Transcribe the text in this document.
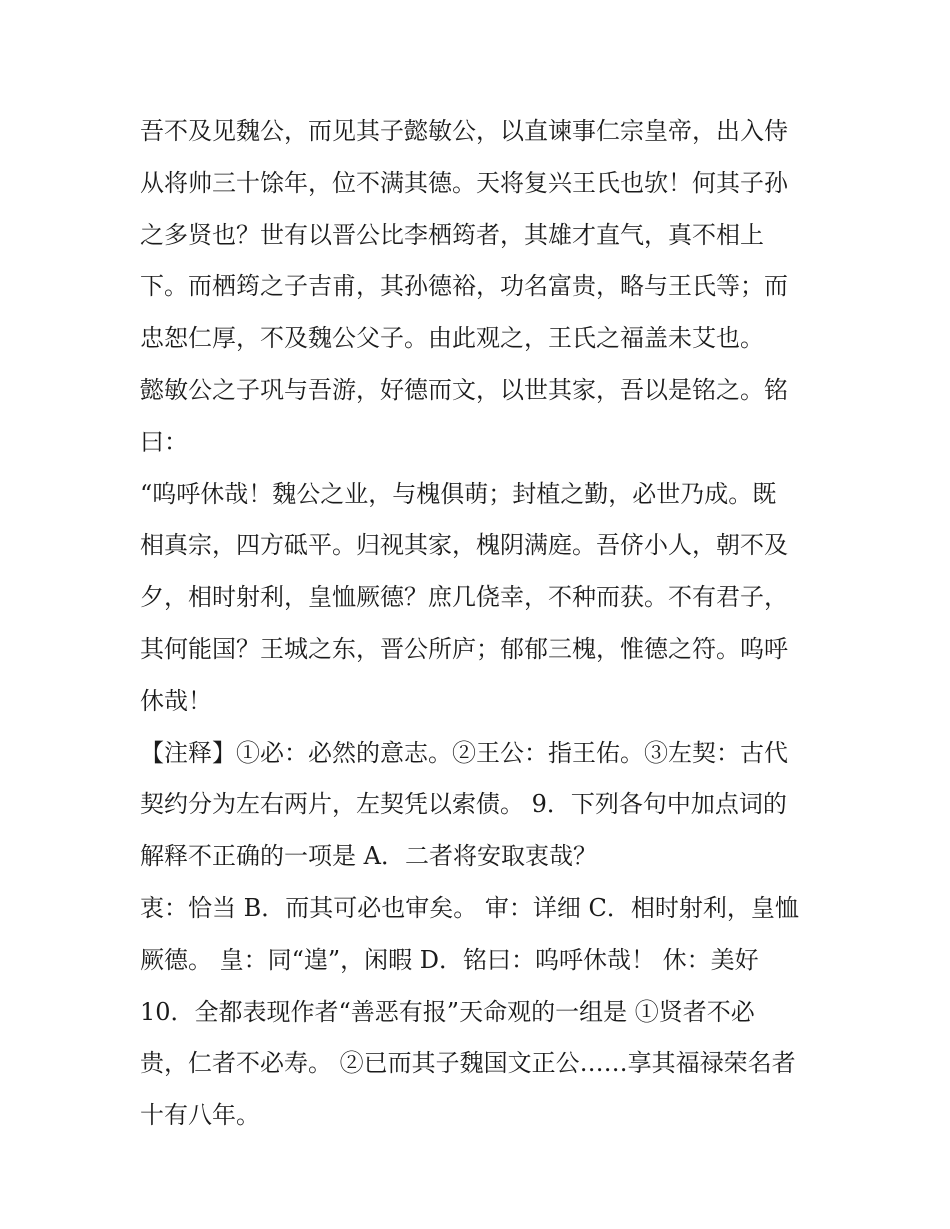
吾不及见魏公，而见其子懿敏公，以直谏事仁宗皇帝，出入侍
从将帅三十馀年，位不满其德。天将复兴王氏也欤！何其子孙
之多贤也？世有以晋公比李栖筠者，其雄才直气，真不相上
下。而栖筠之子吉甫，其孙德裕，功名富贵，略与王氏等；而
忠恕仁厚，不及魏公父子。由此观之，王氏之福盖未艾也。
懿敏公之子巩与吾游，好德而文，以世其家，吾以是铭之。铭
曰：
“呜呼休哉！魏公之业，与槐俱萌；封植之勤，必世乃成。既
相真宗，四方砥平。归视其家，槐阴满庭。吾侪小人，朝不及
夕，相时射利，皇恤厥德？庶几侥幸，不种而获。不有君子，
其何能国？王城之东，晋公所庐；郁郁三槐，惟德之符。呜呼
休哉！
【注释】①必：必然的意志。②王公：指王佑。③左契：古代
契约分为左右两片，左契凭以索债。 9．下列各句中加点词的
解释不正确的一项是 A．二者将安取衷哉？
衷：恰当 B．而其可必也审矣。 审：详细 C．相时射利，皇恤
厥德。 皇：同“遑”，闲暇 D．铭曰：呜呼休哉！ 休：美好
10．全都表现作者“善恶有报”天命观的一组是 ①贤者不必
贵，仁者不必寿。 ②已而其子魏国文正公……享其福禄荣名者
十有八年。
